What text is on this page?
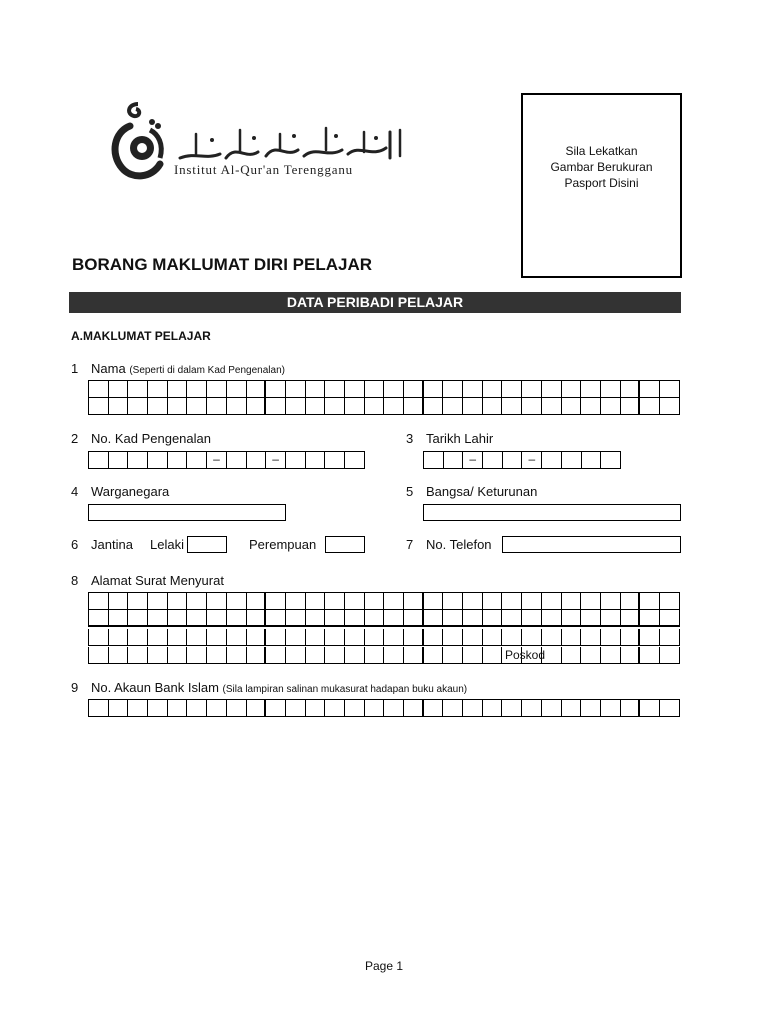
Institut Al-Qur'an Terengganu
Sila Lekatkan
Gambar Berukuran
Pasport Disini
BORANG MAKLUMAT DIRI PELAJAR
DATA PERIBADI PELAJAR
A.MAKLUMAT PELAJAR
1 Nama (Seperti di dalam Kad Pengenalan)
2 No. Kad Pengenalan
–	–
3 Tarikh Lahir
–	–
4 Warganegara	5 Bangsa/ Keturunan
6 Jantina Lelaki	Perempuan	7 No. Telefon
8 Alamat Surat Menyurat
Poskod
9 No. Akaun Bank Islam (Sila lampiran salinan mukasurat hadapan buku akaun)
Page 1
